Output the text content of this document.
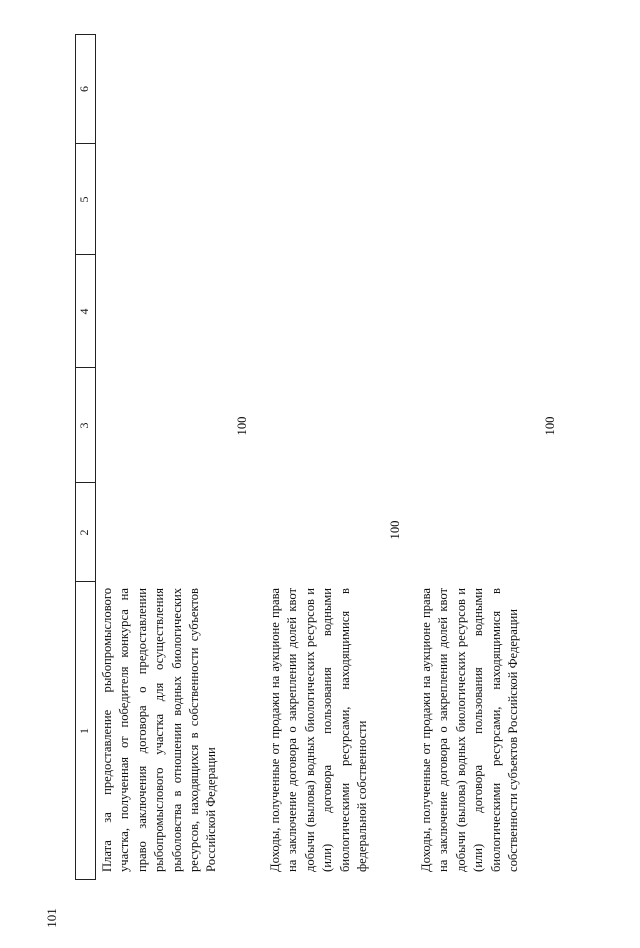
101
1
2
3
4
5
6
Плата за предоставление рыбопромыслового участка, полученная от победителя конкурса на право заключения договора о предоставлении рыбопромыслового участка для осуществления рыболовства в отношении водных биологических ресурсов, находящихся в собственности субъектов Российской Федерации
100
Доходы, полученные от продажи на аукционе права на заключение договора о закреплении долей квот добычи (вылова) водных биологических ресурсов и (или) договора пользования водными биологическими ресурсами, находящимися в федеральной собственности
100
Доходы, полученные от продажи на аукционе права на заключение договора о закреплении долей квот добычи (вылова) водных биологических ресурсов и (или) договора пользования водными биологическими ресурсами, находящимися в собственности субъектов Российской Федерации
100
